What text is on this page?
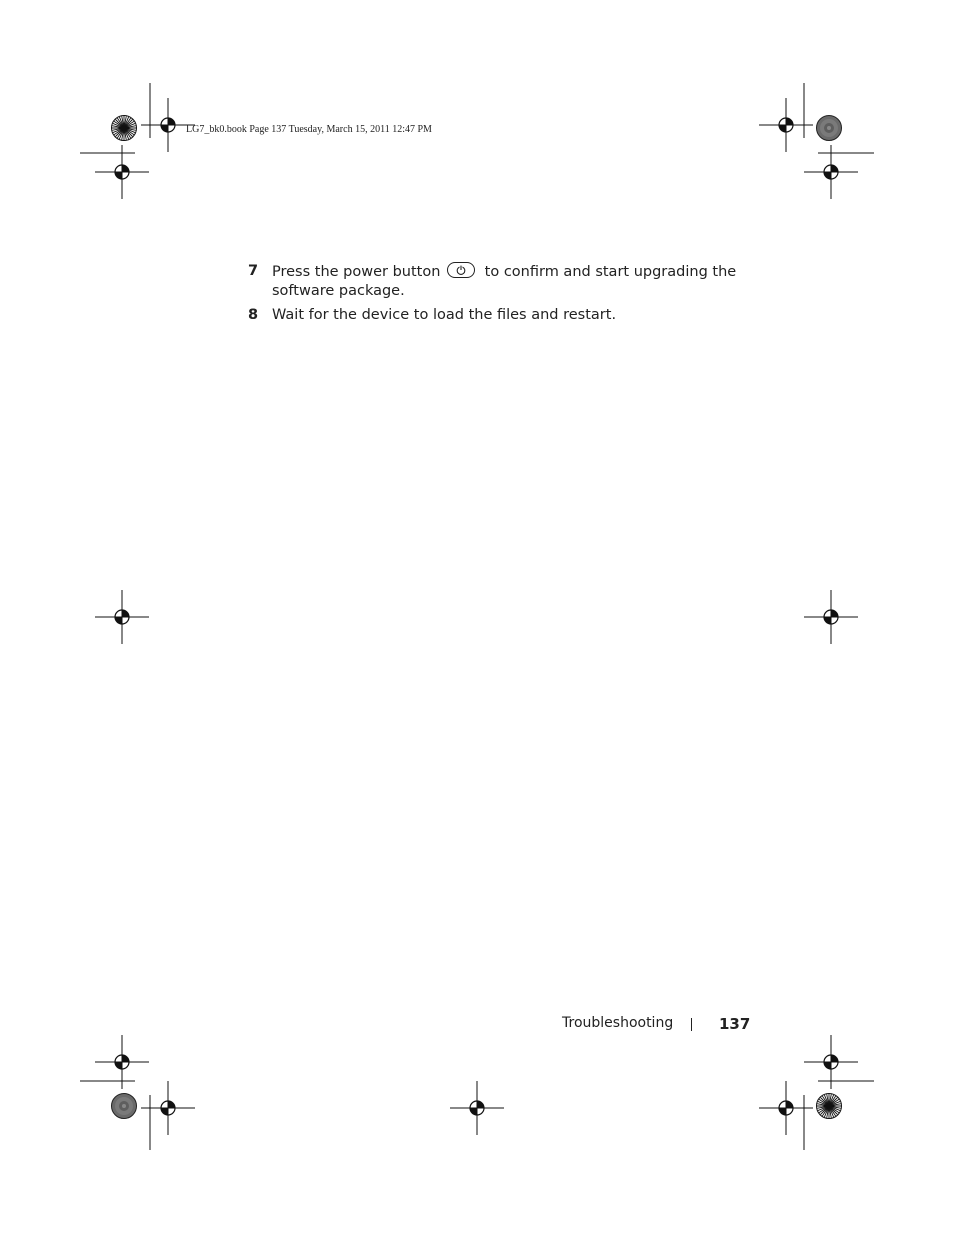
LG7_bk0.book Page 137 Tuesday, March 15, 2011 12:47 PM
7 Press the power button	to confirm and start upgrading the software package.
8 Wait for the device to load the files and restart.
Troubleshooting	137
